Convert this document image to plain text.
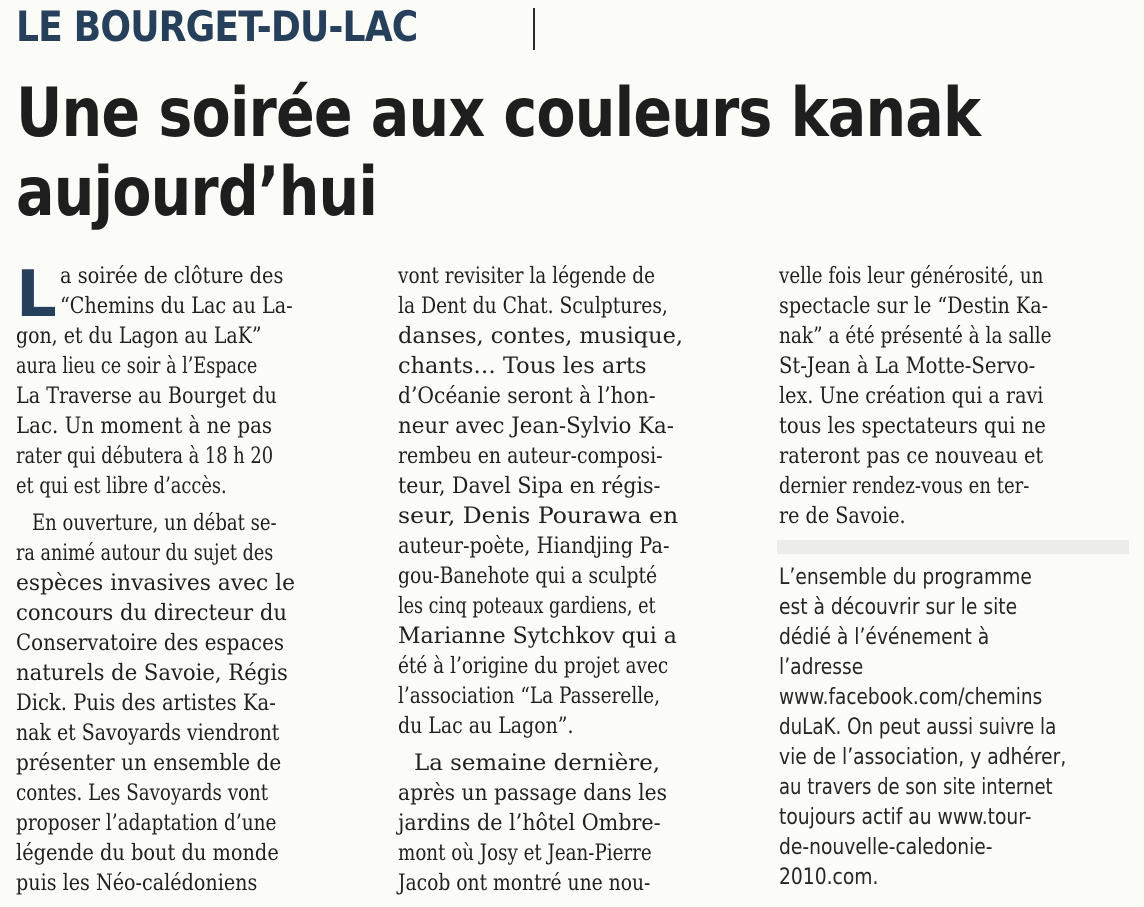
LE BOURGET-DU-LAC
Une soirée aux couleurs kanak
aujourd’hui
L a soirée de clôture des
“Chemins du Lac au La-
gon, et du Lagon au LaK”
aura lieu ce soir à l’Espace
La Traverse au Bourget du
Lac. Un moment à ne pas
rater qui débutera à 18 h 20
et qui est libre d’accès.
En ouverture, un débat se-
ra animé autour du sujet des
espèces invasives avec le
concours du directeur du
Conservatoire des espaces
naturels de Savoie, Régis
Dick. Puis des artistes Ka-
nak et Savoyards viendront
présenter un ensemble de
contes. Les Savoyards vont
proposer l’adaptation d’une
légende du bout du monde
puis les Néo-calédoniens
vont revisiter la légende de
la Dent du Chat. Sculptures,
danses, contes, musique,
chants… Tous les arts
d’Océanie seront à l’hon-
neur avec Jean-Sylvio Ka-
rembeu en auteur-composi-
teur, Davel Sipa en régis-
seur, Denis Pourawa en
auteur-poète, Hiandjing Pa-
gou-Banehote qui a sculpté
les cinq poteaux gardiens, et
Marianne Sytchkov qui a
été à l’origine du projet avec
l’association “La Passerelle,
du Lac au Lagon”.
La semaine dernière,
après un passage dans les
jardins de l’hôtel Ombre-
mont où Josy et Jean-Pierre
Jacob ont montré une nou-
velle fois leur générosité, un
spectacle sur le “Destin Ka-
nak” a été présenté à la salle
St-Jean à La Motte-Servo-
lex. Une création qui a ravi
tous les spectateurs qui ne
rateront pas ce nouveau et
dernier rendez-vous en ter-
re de Savoie.
L’ensemble du programme
est à découvrir sur le site
dédié à l’événement à
l’adresse
www.facebook.com/chemins
duLaK. On peut aussi suivre la
vie de l’association, y adhérer,
au travers de son site internet
toujours actif au www.tour-
de-nouvelle-caledonie-
2010.com.
